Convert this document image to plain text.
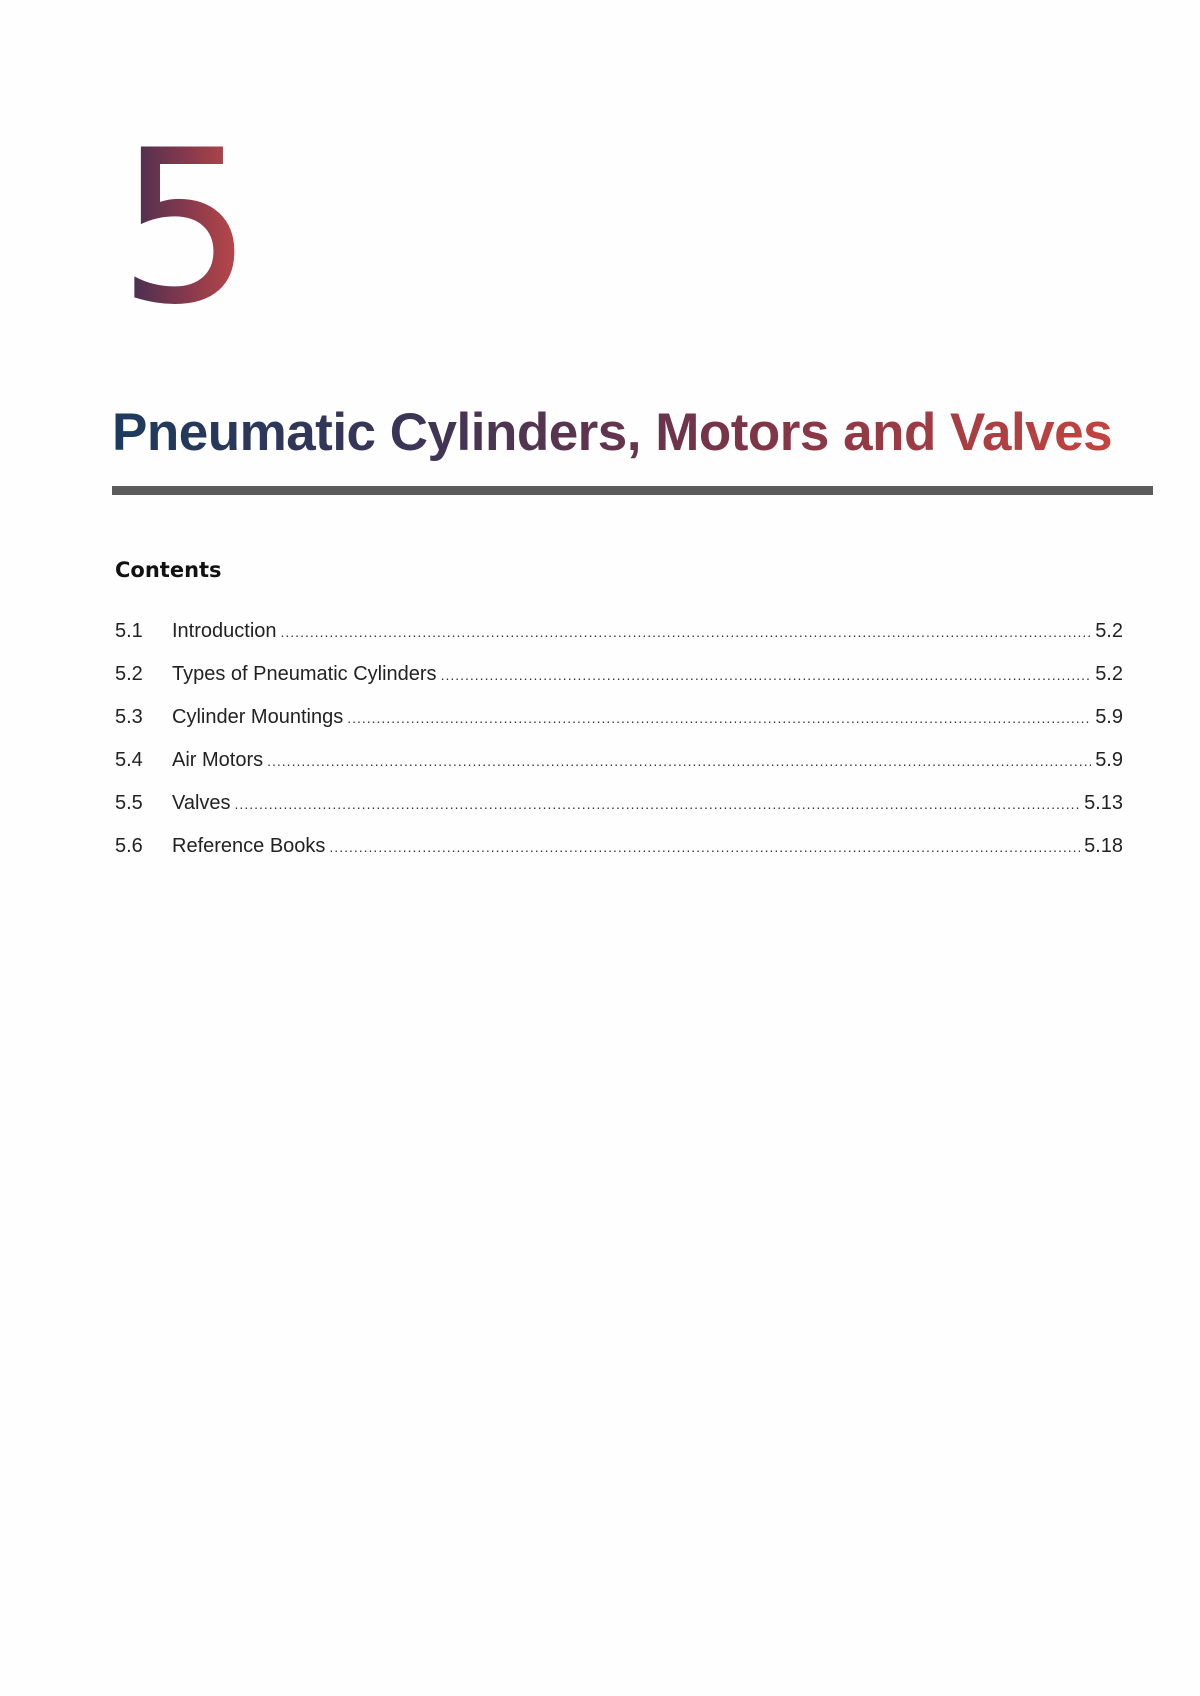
5
Pneumatic Cylinders, Motors and Valves
Contents
5.1	Introduction .....	5.2
5.2	Types of Pneumatic Cylinders .....	5.2
5.3	Cylinder Mountings .....	5.9
5.4	Air Motors .....	5.9
5.5	Valves .....	5.13
5.6	Reference Books .....	5.18
